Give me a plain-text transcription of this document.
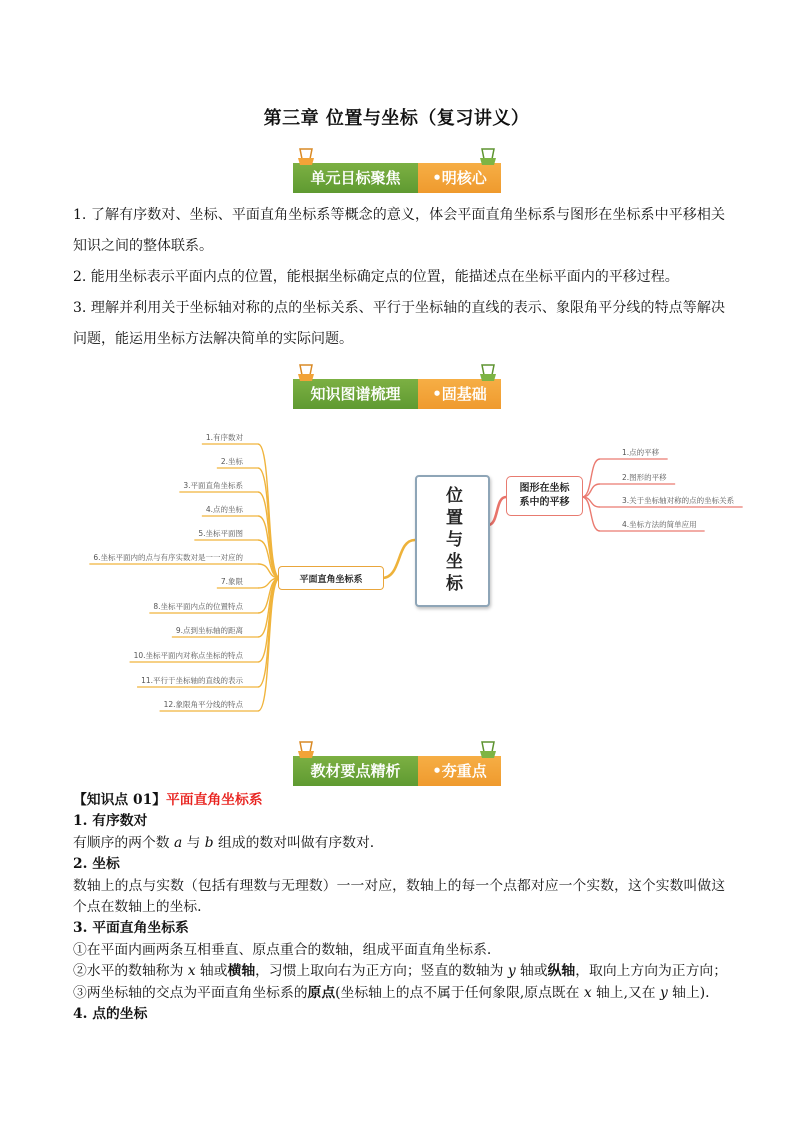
第三章 位置与坐标（复习讲义）
单元目标聚焦	•明核心
1. 了解有序数对、坐标、平面直角坐标系等概念的意义，体会平面直角坐标系与图形在坐标系中平移相关知识之间的整体联系。
2. 能用坐标表示平面内点的位置，能根据坐标确定点的位置，能描述点在坐标平面内的平移过程。
3. 理解并利用关于坐标轴对称的点的坐标关系、平行于坐标轴的直线的表示、象限角平分线的特点等解决问题，能运用坐标方法解决简单的实际问题。
知识图谱梳理	•固基础
1.有序数对
2.坐标
3.平面直角坐标系
4.点的坐标
5.坐标平面图
6.坐标平面内的点与有序实数对是一一对应的
7.象限
8.坐标平面内点的位置特点
9.点到坐标轴的距离
10.坐标平面内对称点坐标的特点
11.平行于坐标轴的直线的表示
12.象限角平分线的特点
1.点的平移
2.图形的平移
3.关于坐标轴对称的点的坐标关系
4.坐标方法的简单应用
位置与坐标
平面直角坐标系
图形在坐标系中的平移
教材要点精析	•夯重点
【知识点 01】平面直角坐标系
1. 有序数对
有顺序的两个数 a 与 b 组成的数对叫做有序数对.
2. 坐标
数轴上的点与实数（包括有理数与无理数）一一对应，数轴上的每一个点都对应一个实数，这个实数叫做这个点在数轴上的坐标.
3. 平面直角坐标系
①在平面内画两条互相垂直、原点重合的数轴，组成平面直角坐标系.
②水平的数轴称为 x 轴或横轴，习惯上取向右为正方向；竖直的数轴为 y 轴或纵轴，取向上方向为正方向；
③两坐标轴的交点为平面直角坐标系的原点(坐标轴上的点不属于任何象限,原点既在 x 轴上,又在 y 轴上).
4. 点的坐标
